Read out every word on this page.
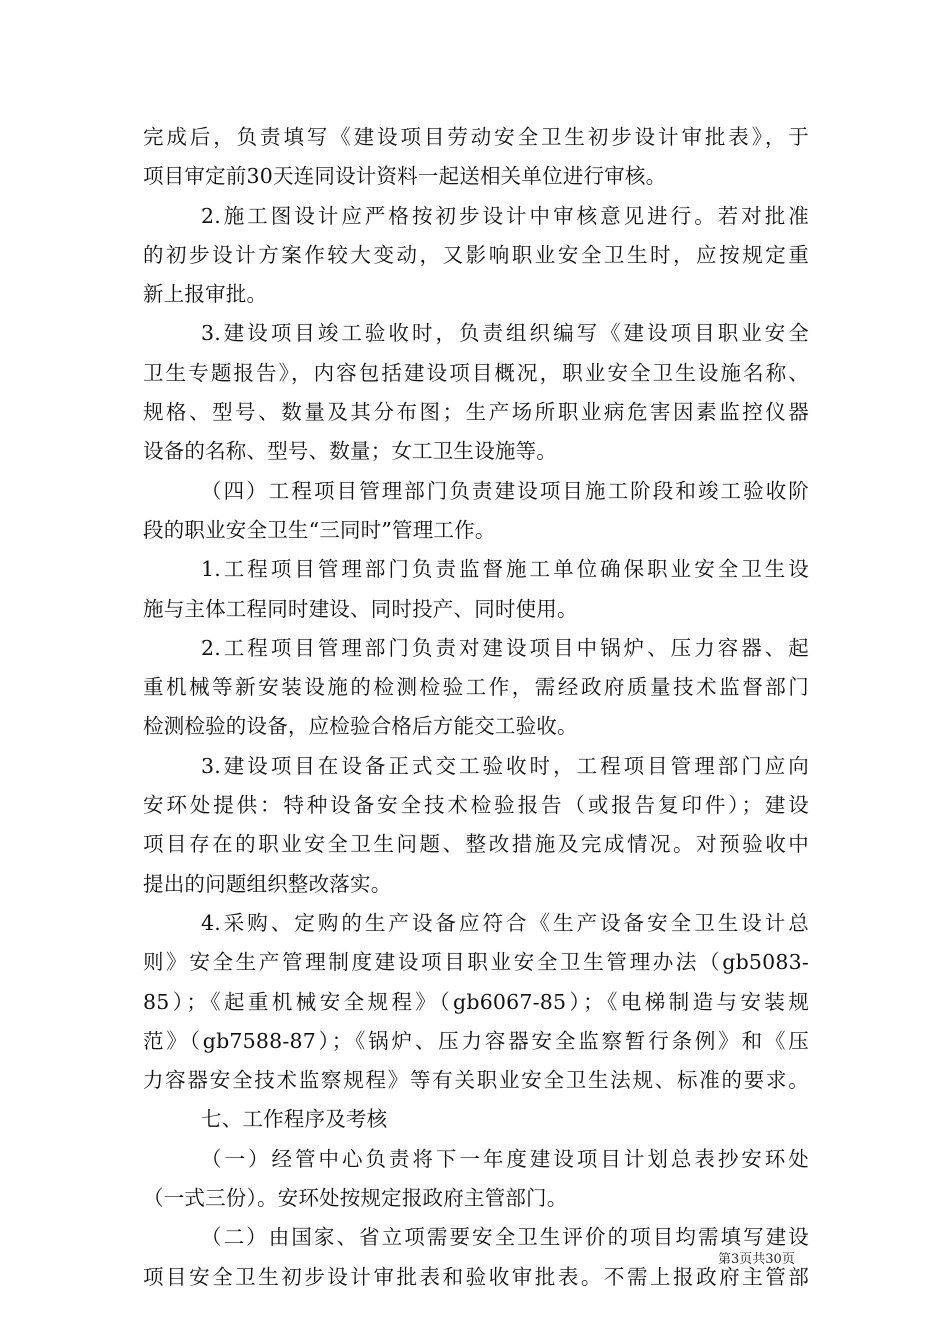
完成后，负责填写《建设项目劳动安全卫生初步设计审批表》，于
项目审定前30天连同设计资料一起送相关单位进行审核。
2.施工图设计应严格按初步设计中审核意见进行。若对批准
的初步设计方案作较大变动，又影响职业安全卫生时，应按规定重
新上报审批。
3.建设项目竣工验收时，负责组织编写《建设项目职业安全
卫生专题报告》，内容包括建设项目概况，职业安全卫生设施名称、
规格、型号、数量及其分布图；生产场所职业病危害因素监控仪器
设备的名称、型号、数量；女工卫生设施等。
（四）工程项目管理部门负责建设项目施工阶段和竣工验收阶
段的职业安全卫生“三同时”管理工作。
1.工程项目管理部门负责监督施工单位确保职业安全卫生设
施与主体工程同时建设、同时投产、同时使用。
2.工程项目管理部门负责对建设项目中锅炉、压力容器、起
重机械等新安装设施的检测检验工作，需经政府质量技术监督部门
检测检验的设备，应检验合格后方能交工验收。
3.建设项目在设备正式交工验收时，工程项目管理部门应向
安环处提供：特种设备安全技术检验报告（或报告复印件）；建设
项目存在的职业安全卫生问题、整改措施及完成情况。对预验收中
提出的问题组织整改落实。
4.采购、定购的生产设备应符合《生产设备安全卫生设计总
则》安全生产管理制度建设项目职业安全卫生管理办法（gb5083-
85）；《起重机械安全规程》（gb6067-85）；《电梯制造与安装规
范》（gb7588-87）；《锅炉、压力容器安全监察暂行条例》和《压
力容器安全技术监察规程》等有关职业安全卫生法规、标准的要求。
七、工作程序及考核
（一）经管中心负责将下一年度建设项目计划总表抄安环处
（一式三份）。安环处按规定报政府主管部门。
（二）由国家、省立项需要安全卫生评价的项目均需填写建设
项目安全卫生初步设计审批表和验收审批表。不需上报政府主管部
第3页共30页
